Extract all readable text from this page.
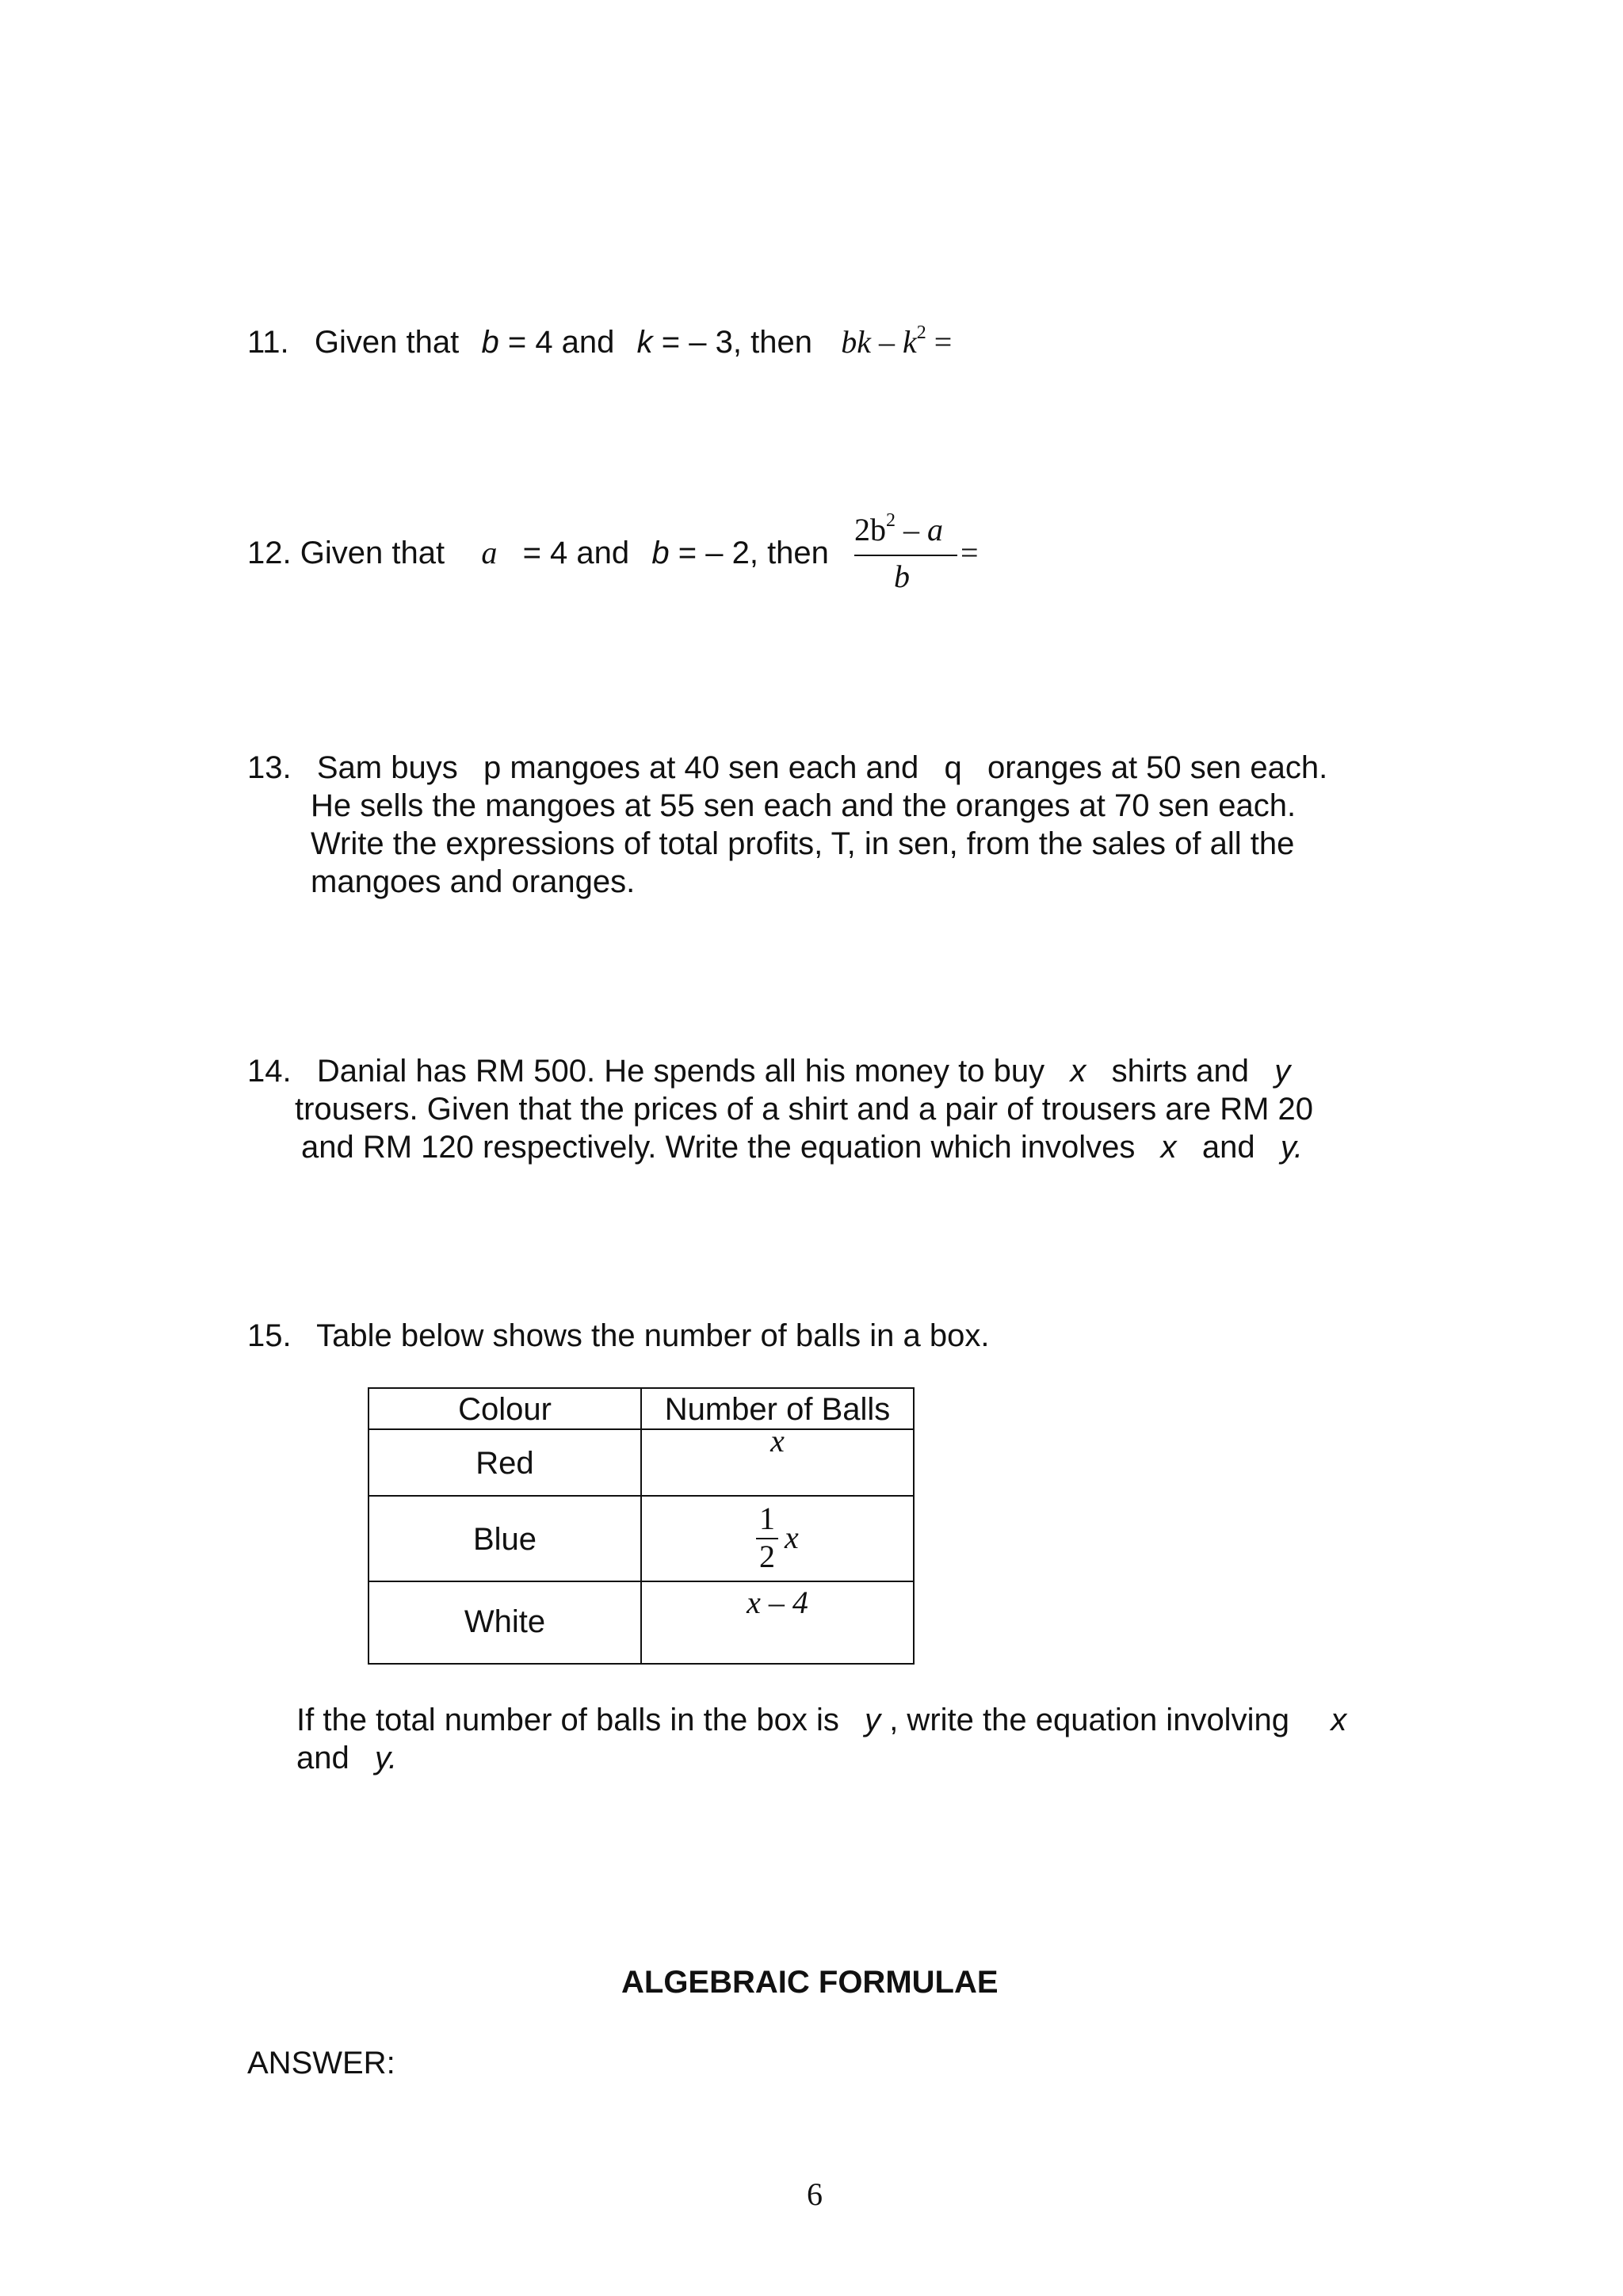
11. Given that b = 4 and k = – 3, then bk – $k^2$ =
12. Given that a = 4 and b = – 2, then
$2b^2$ – a
b
=
13. Sam buys p mangoes at 40 sen each and q oranges at 50 sen each.
He sells the mangoes at 55 sen each and the oranges at 70 sen each.
Write the expressions of total profits, T, in sen, from the sales of all the
mangoes and oranges.
14. Danial has RM 500. He spends all his money to buy x shirts and y
trousers. Given that the prices of a shirt and a pair of trousers are RM 20
and RM 120 respectively. Write the equation which involves x and y.
15. Table below shows the number of balls in a box.
Colour	Number of Balls
Red
x
Blue
1
2
x
White
x – 4
If the total number of balls in the box is y , write the equation involving x
and y.
ALGEBRAIC FORMULAE
ANSWER:
6
